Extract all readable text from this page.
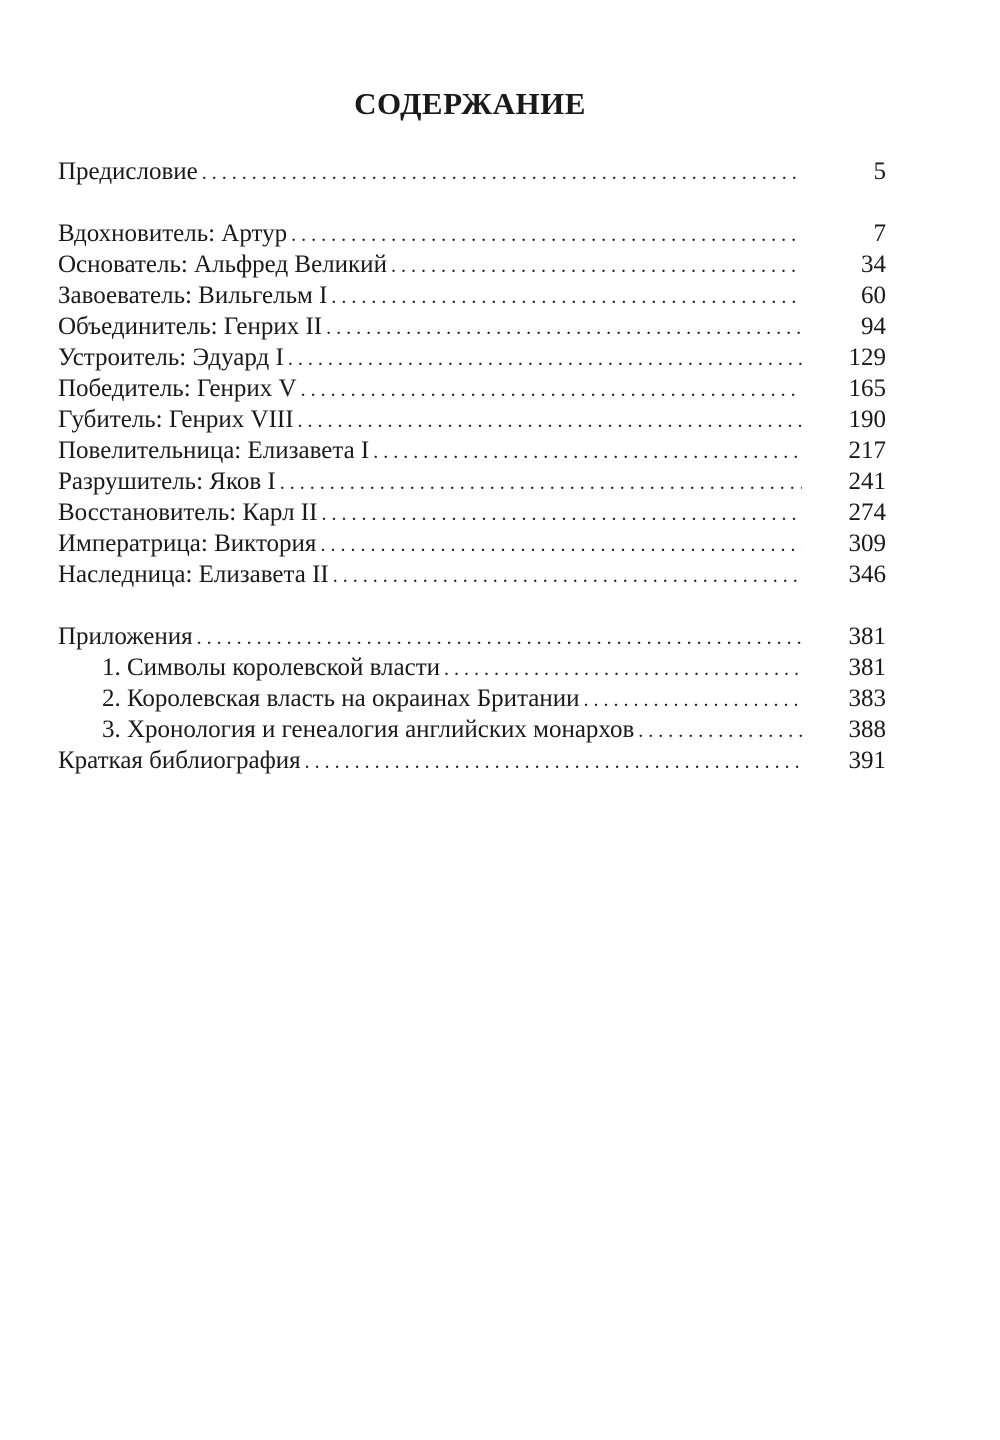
СОДЕРЖАНИЕ
Предисловие . . .	5
Вдохновитель: Артур . . .	7
Основатель: Альфред Великий . . .	34
Завоеватель: Вильгельм I . . .	60
Объединитель: Генрих II . . .	94
Устроитель: Эдуард I . . .	129
Победитель: Генрих V . . .	165
Губитель: Генрих VIII . . .	190
Повелительница: Елизавета I . . .	217
Разрушитель: Яков I . . .	241
Восстановитель: Карл II . . .	274
Императрица: Виктория . . .	309
Наследница: Елизавета II . . .	346
Приложения . . .	381
1. Символы королевской власти . . .	381
2. Королевская власть на окраинах Британии . . .	383
3. Хронология и генеалогия английских монархов . . .	388
Краткая библиография . . .	391
